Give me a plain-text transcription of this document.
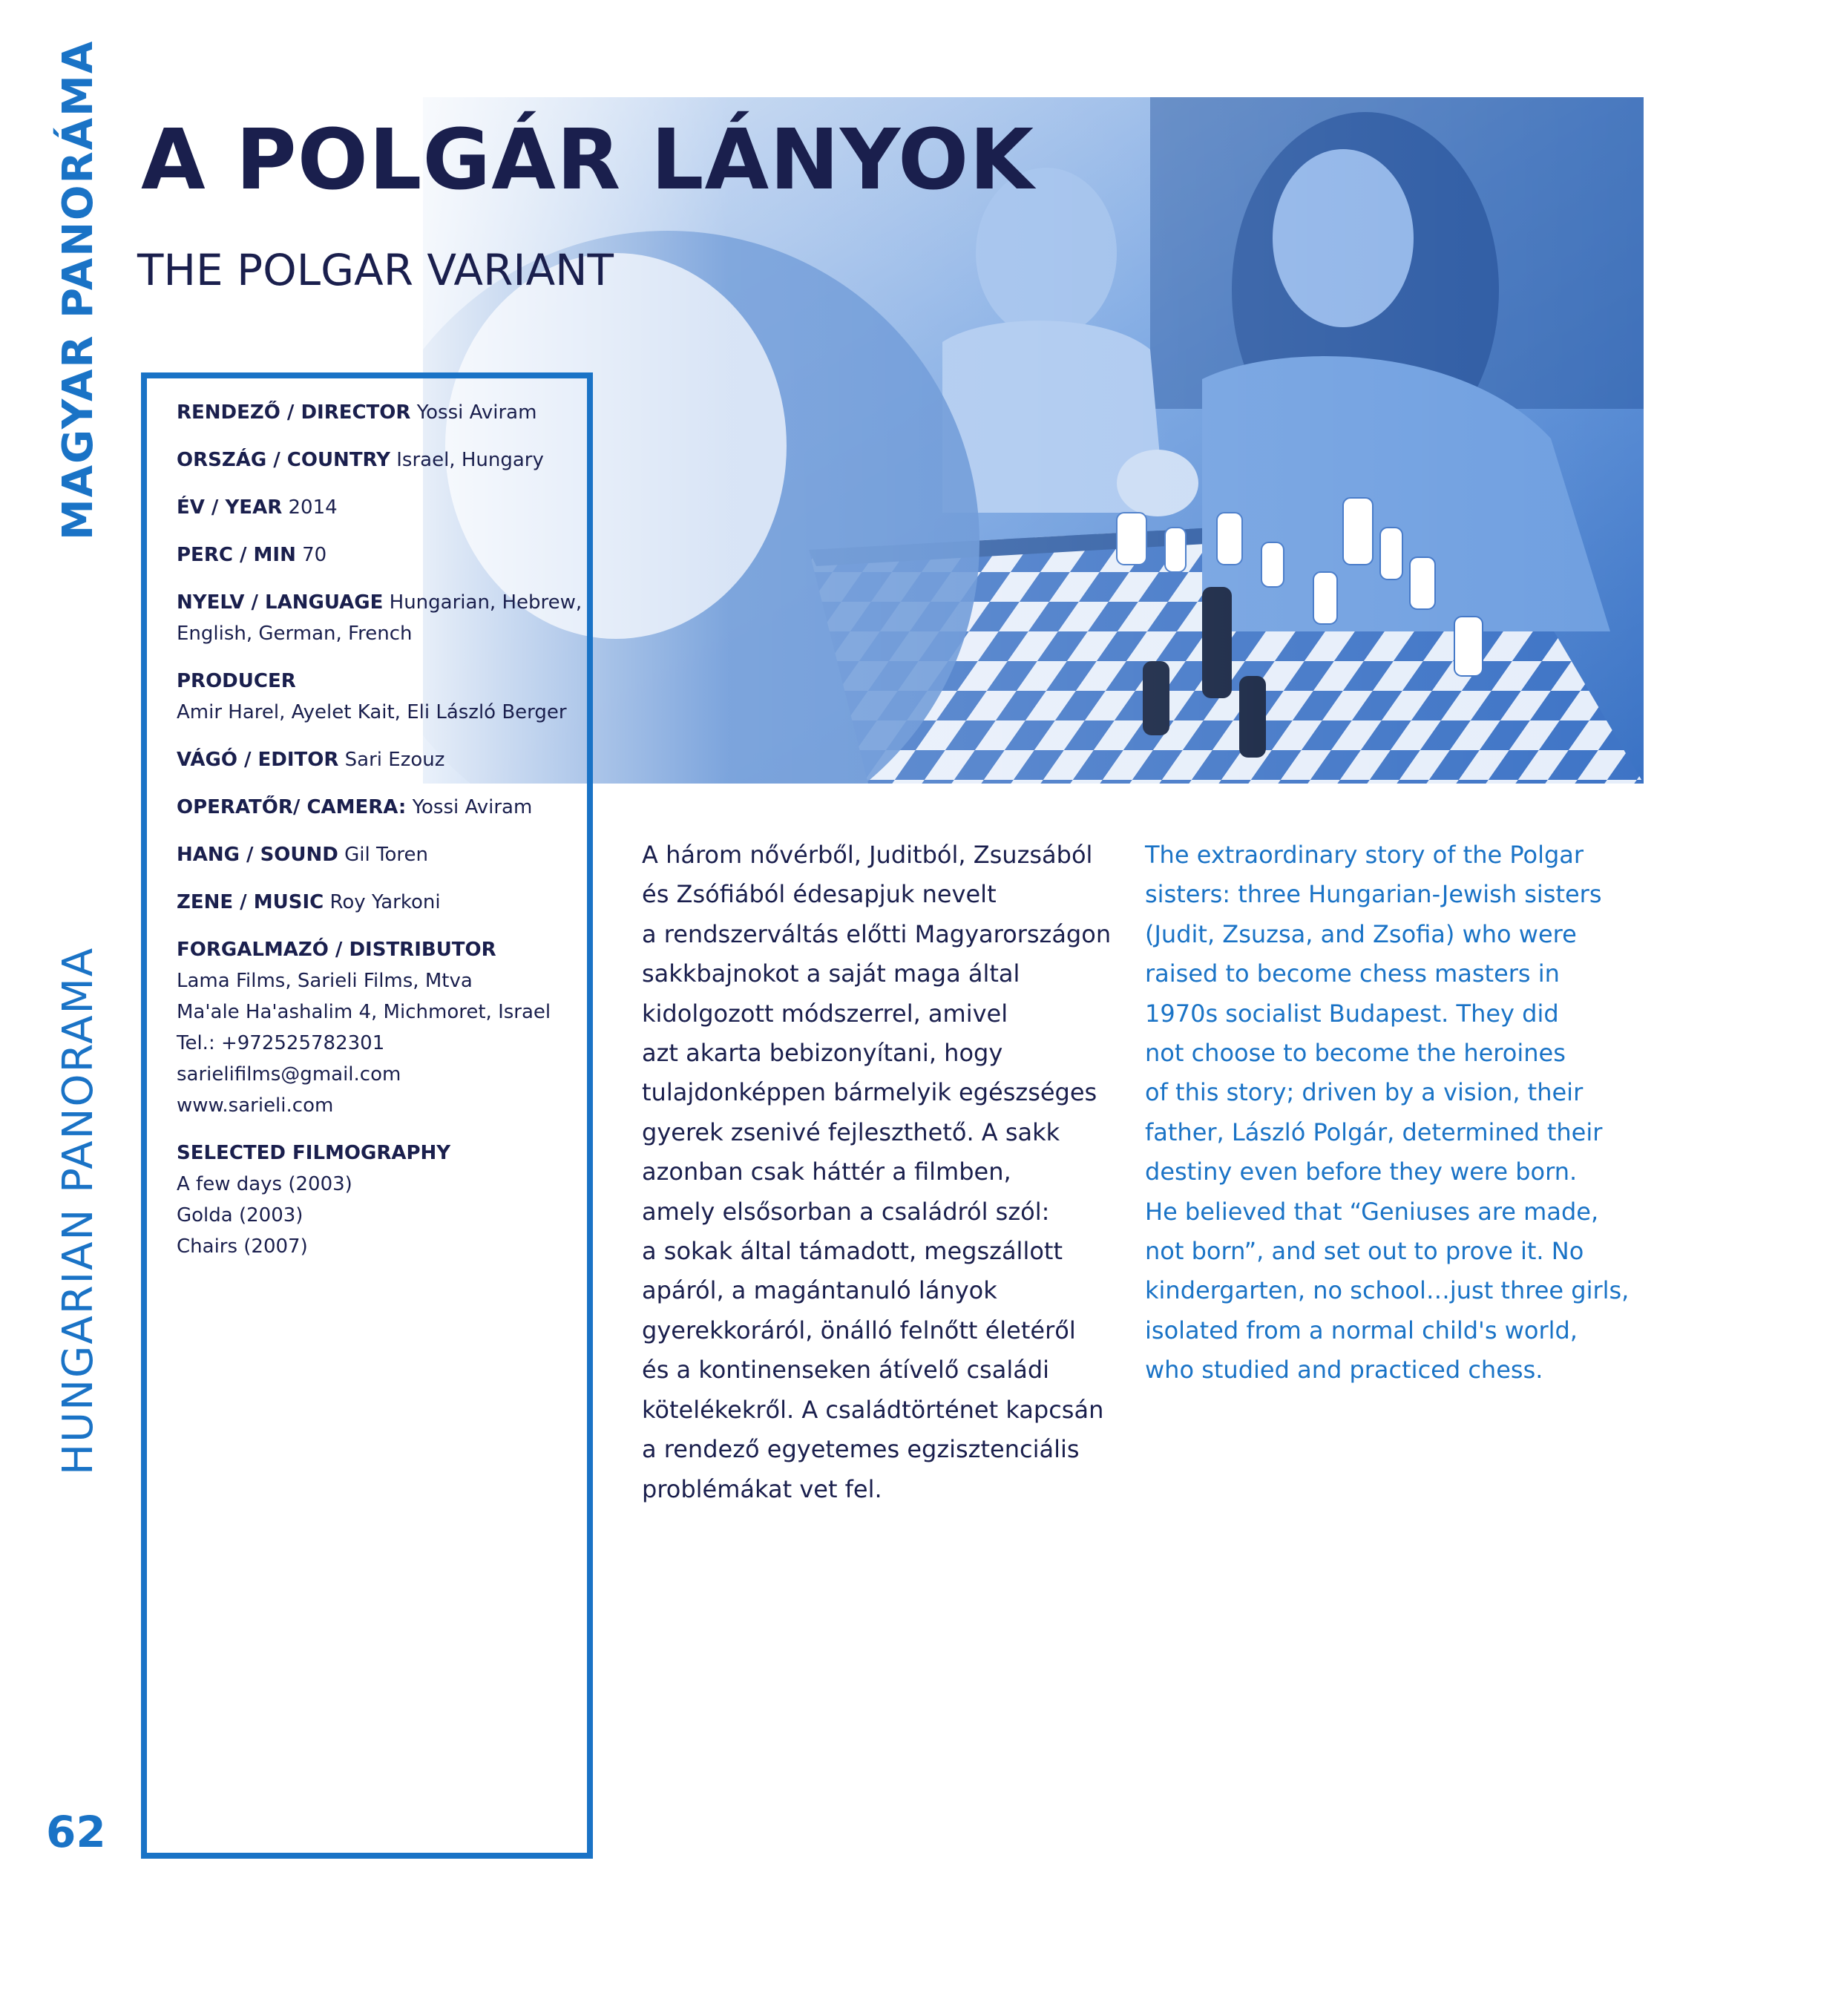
MAGYAR PANORÁMA
HUNGARIAN PANORAMA
A POLGÁR LÁNYOK
THE POLGAR VARIANT
RENDEZŐ / DIRECTOR Yossi Aviram
ORSZÁG / COUNTRY Israel, Hungary
ÉV / YEAR 2014
PERC / MIN 70
NYELV / LANGUAGE Hungarian, Hebrew,
English, German, French
PRODUCER
Amir Harel, Ayelet Kait, Eli László Berger
VÁGÓ / EDITOR Sari Ezouz
OPERATŐR/ CAMERA: Yossi Aviram
HANG / SOUND Gil Toren
ZENE / MUSIC Roy Yarkoni
FORGALMAZÓ / DISTRIBUTOR
Lama Films, Sarieli Films, Mtva
Ma'ale Ha'ashalim 4, Michmoret, Israel
Tel.: +972525782301
sarielifilms@gmail.com
www.sarieli.com
SELECTED FILMOGRAPHY
A few days (2003)
Golda (2003)
Chairs (2007)
A három nővérből, Juditból, Zsuzsából
és Zsófiából édesapjuk nevelt
a rendszerváltás előtti Magyarországon
sakkbajnokot a saját maga által
kidolgozott módszerrel, amivel
azt akarta bebizonyítani, hogy
tulajdonképpen bármelyik egészséges
gyerek zsenivé fejleszthető. A sakk
azonban csak háttér a filmben,
amely elsősorban a családról szól:
a sokak által támadott, megszállott
apáról, a magántanuló lányok
gyerekkoráról, önálló felnőtt életéről
és a kontinenseken átívelő családi
kötelékekről. A családtörténet kapcsán
a rendező egyetemes egzisztenciális
problémákat vet fel.
The extraordinary story of the Polgar
sisters: three Hungarian-Jewish sisters
(Judit, Zsuzsa, and Zsofia) who were
raised to become chess masters in
1970s socialist Budapest. They did
not choose to become the heroines
of this story; driven by a vision, their
father, László Polgár, determined their
destiny even before they were born.
He believed that “Geniuses are made,
not born”, and set out to prove it. No
kindergarten, no school…just three girls,
isolated from a normal child's world,
who studied and practiced chess.
62
